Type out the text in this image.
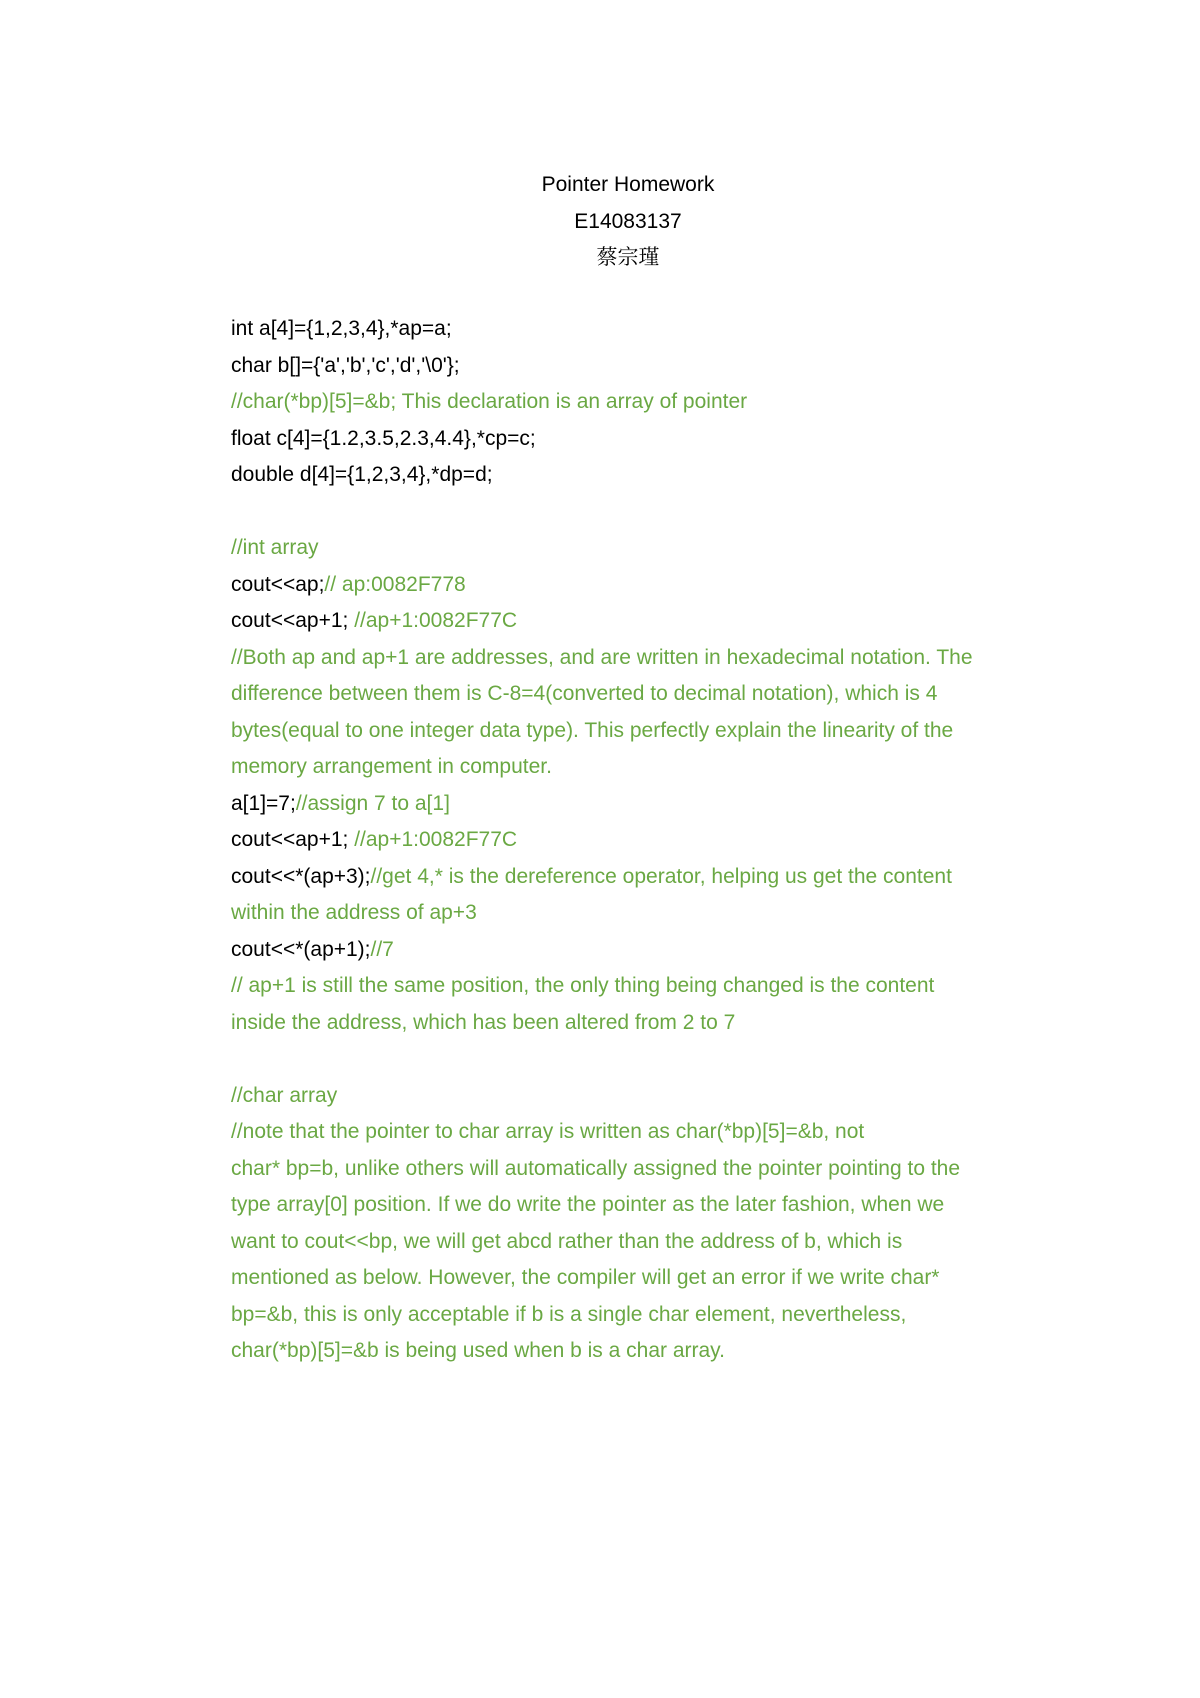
Pointer Homework
E14083137
蔡宗瑾
int a[4]={1,2,3,4},*ap=a;
char b[]={'a','b','c','d','\0'};
//char(*bp)[5]=&b; This declaration is an array of pointer
float c[4]={1.2,3.5,2.3,4.4},*cp=c;
double d[4]={1,2,3,4},*dp=d;
//int array
cout<<ap;// ap:0082F778
cout<<ap+1; //ap+1:0082F77C
//Both ap and ap+1 are addresses, and are written in hexadecimal notation. The
difference between them is C-8=4(converted to decimal notation), which is 4
bytes(equal to one integer data type). This perfectly explain the linearity of the
memory arrangement in computer.
a[1]=7;//assign 7 to a[1]
cout<<ap+1; //ap+1:0082F77C
cout<<*(ap+3);//get 4,* is the dereference operator, helping us get the content
within the address of ap+3
cout<<*(ap+1);//7
// ap+1 is still the same position, the only thing being changed is the content
inside the address, which has been altered from 2 to 7
//char array
//note that the pointer to char array is written as char(*bp)[5]=&b, not
char* bp=b, unlike others will automatically assigned the pointer pointing to the
type array[0] position. If we do write the pointer as the later fashion, when we
want to cout<<bp, we will get abcd rather than the address of b, which is
mentioned as below. However, the compiler will get an error if we write char*
bp=&b, this is only acceptable if b is a single char element, nevertheless,
char(*bp)[5]=&b is being used when b is a char array.
